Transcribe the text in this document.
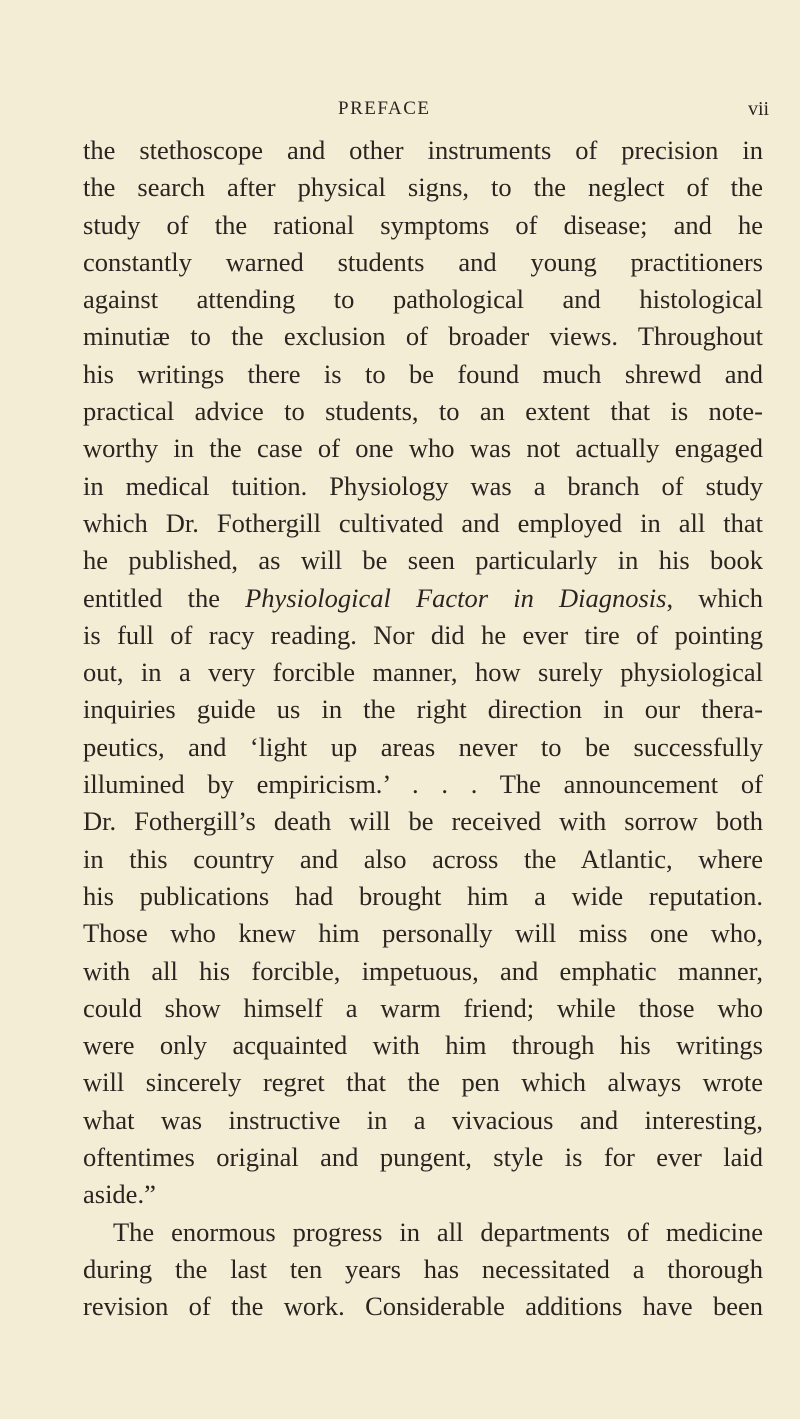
PREFACE	vii
the stethoscope and other instruments of precision in
the search after physical signs, to the neglect of the
study of the rational symptoms of disease; and he
constantly warned students and young practitioners
against attending to pathological and histological
minutiæ to the exclusion of broader views. Throughout
his writings there is to be found much shrewd and
practical advice to students, to an extent that is note-
worthy in the case of one who was not actually engaged
in medical tuition. Physiology was a branch of study
which Dr. Fothergill cultivated and employed in all that
he published, as will be seen particularly in his book
entitled the Physiological Factor in Diagnosis, which
is full of racy reading. Nor did he ever tire of pointing
out, in a very forcible manner, how surely physiological
inquiries guide us in the right direction in our thera-
peutics, and ‘light up areas never to be successfully
illumined by empiricism.’ . . . The announcement of
Dr. Fothergill’s death will be received with sorrow both
in this country and also across the Atlantic, where
his publications had brought him a wide reputation.
Those who knew him personally will miss one who,
with all his forcible, impetuous, and emphatic manner,
could show himself a warm friend; while those who
were only acquainted with him through his writings
will sincerely regret that the pen which always wrote
what was instructive in a vivacious and interesting,
oftentimes original and pungent, style is for ever laid
aside.”
The enormous progress in all departments of medicine
during the last ten years has necessitated a thorough
revision of the work. Considerable additions have been
